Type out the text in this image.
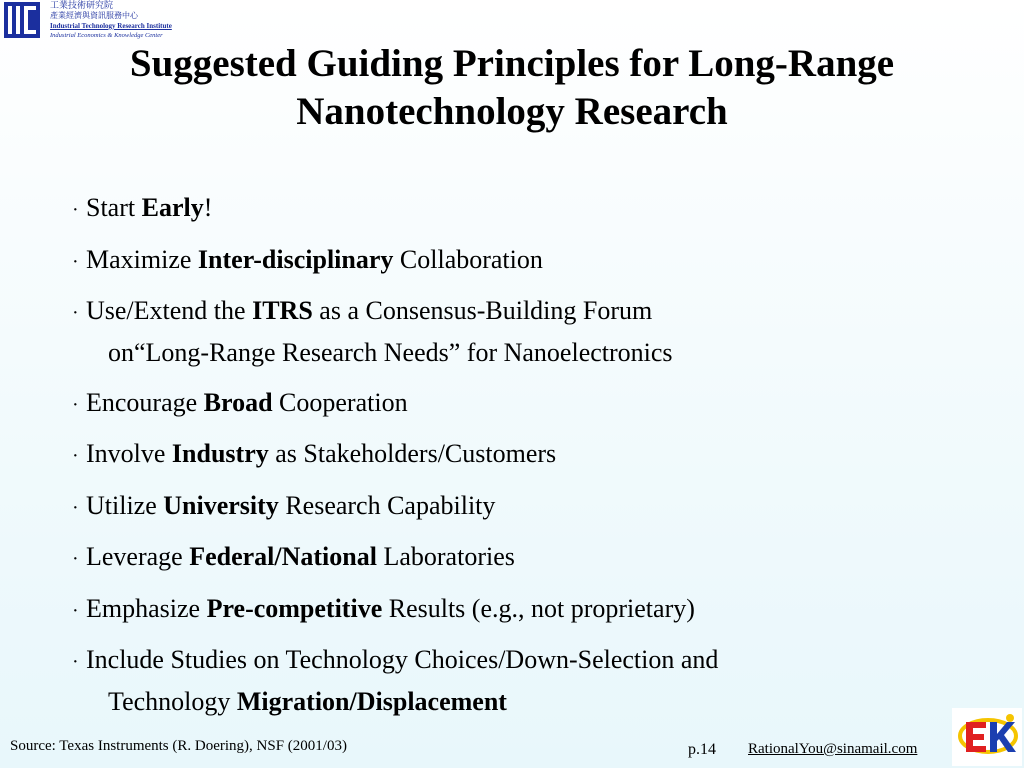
工業技術研究院
產業經濟與資訊服務中心
Industrial Technology Research Institute
Industrial Economics & Knowledge Center
Suggested Guiding Principles for Long-Range
Nanotechnology Research
· Start Early!
· Maximize Inter-disciplinary Collaboration
· Use/Extend the ITRS as a Consensus-Building Forum
on“Long-Range Research Needs” for Nanoelectronics
· Encourage Broad Cooperation
· Involve Industry as Stakeholders/Customers
· Utilize University Research Capability
· Leverage Federal/National Laboratories
· Emphasize Pre-competitive Results (e.g., not proprietary)
· Include Studies on Technology Choices/Down-Selection and
Technology Migration/Displacement
Source: Texas Instruments (R. Doering), NSF (2001/03)	p.14 RationalYou@sinamail.com
